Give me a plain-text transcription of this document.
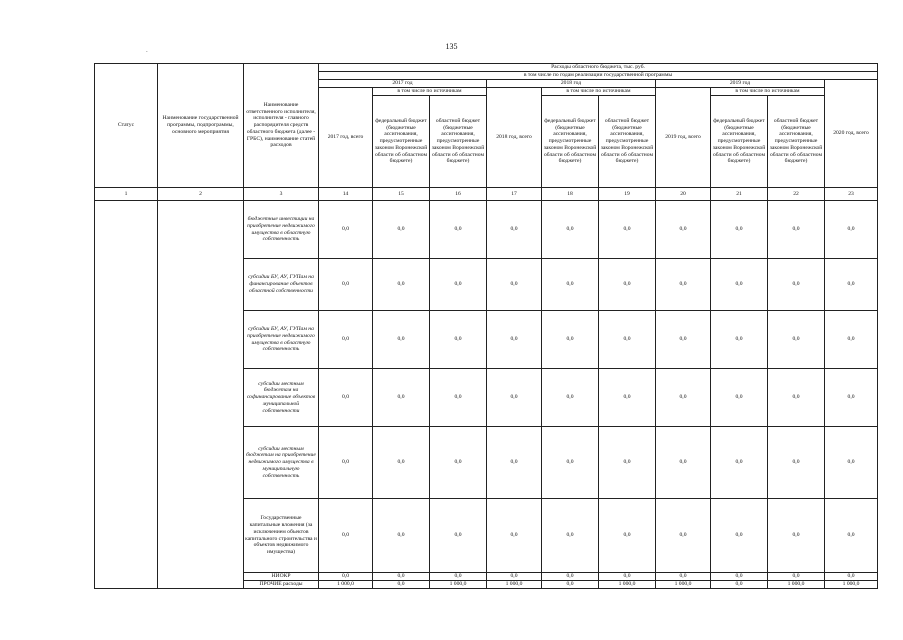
135
.
Статус	Наименование государственной программы, подпрограммы, основного мероприятия	Наименование ответственного исполнителя, исполнителя - главного распорядителя средств областного бюджета (далее - ГРБС), наименование статей расходов	Расходы областного бюджета, тыс. руб.									
			в том числе по годам реализации государственной программы									
			2017 год			2018 год			2019 год			2020 год, всего
			2017 год, всего	в том числе по источникам		2018 год, всего	в том числе по источникам		2019 год, всего	в том числе по источникам		
				федеральный бюджет (бюджетные ассигнования, предусмотренные законом Воронежской области об областном бюджете)	областной бюджет (бюджетные ассигнования, предусмотренные законом Воронежской области об областном бюджете)		федеральный бюджет (бюджетные ассигнования, предусмотренные законом Воронежской области об областном бюджете)	областной бюджет (бюджетные ассигнования, предусмотренные законом Воронежской области об областном бюджете)		федеральный бюджет (бюджетные ассигнования, предусмотренные законом Воронежской области об областном бюджете)	областной бюджет (бюджетные ассигнования, предусмотренные законом Воронежской области об областном бюджете)	
1	2	3	14	15	16	17	18	19	20	21	22	23
		бюджетные инвестиции на приобретение недвижимого имущества в областную собственность	0,0	0,0	0,0	0,0	0,0	0,0	0,0	0,0	0,0	0,0
		субсидии БУ, АУ, ГУПам на финансирование объектов областной собственности	0,0	0,0	0,0	0,0	0,0	0,0	0,0	0,0	0,0	0,0
		субсидии БУ, АУ, ГУПам на приобретение недвижимого имущества в областную собственность	0,0	0,0	0,0	0,0	0,0	0,0	0,0	0,0	0,0	0,0
		субсидии местным бюджетам на софинансирование объектов муниципальной собственности	0,0	0,0	0,0	0,0	0,0	0,0	0,0	0,0	0,0	0,0
		субсидии местным бюджетам на приобретение недвижимого имущества в муниципальную собственность	0,0	0,0	0,0	0,0	0,0	0,0	0,0	0,0	0,0	0,0
		Государственные капитальные вложения (за исключением объектов капитального строительства и объектов недвижимого имущества)	0,0	0,0	0,0	0,0	0,0	0,0	0,0	0,0	0,0	0,0
		НИОКР	0,0	0,0	0,0	0,0	0,0	0,0	0,0	0,0	0,0	0,0
		ПРОЧИЕ расходы	1 000,0	0,0	1 000,0	1 000,0	0,0	1 000,0	1 000,0	0,0	1 000,0	1 000,0
